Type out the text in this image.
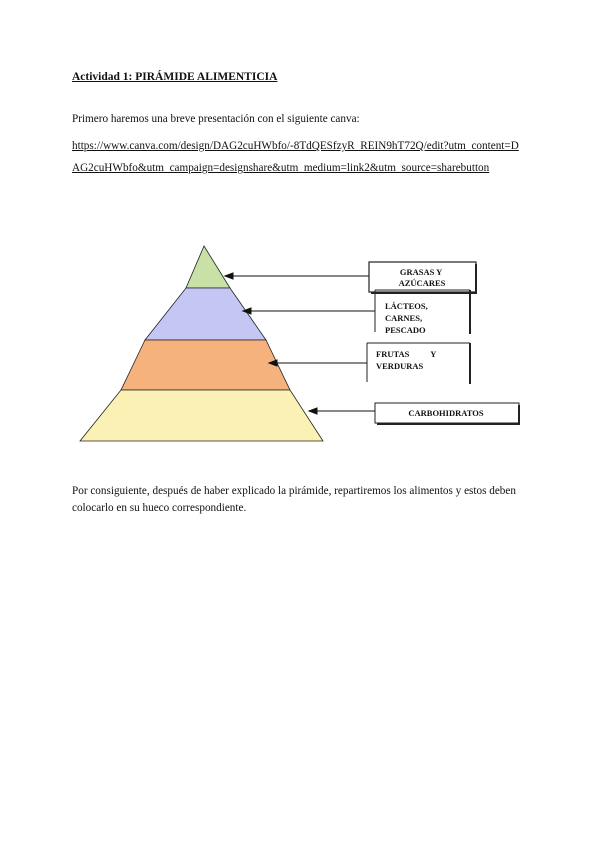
Actividad 1: PIRÁMIDE ALIMENTICIA
Primero haremos una breve presentación con el siguiente canva:
https://www.canva.com/design/DAG2cuHWbfo/-8TdQESfzyR_REIN9hT72Q/edit?utm_content=DAG2cuHWbfo&utm_campaign=designshare&utm_medium=link2&utm_source=sharebutton
GRASAS Y AZÚCARES
LÁCTEOS, CARNES, PESCADO
FRUTAS          Y VERDURAS
CARBOHIDRATOS
Por consiguiente, después de haber explicado la pirámide, repartiremos los alimentos y estos deben colocarlo en su hueco correspondiente.
